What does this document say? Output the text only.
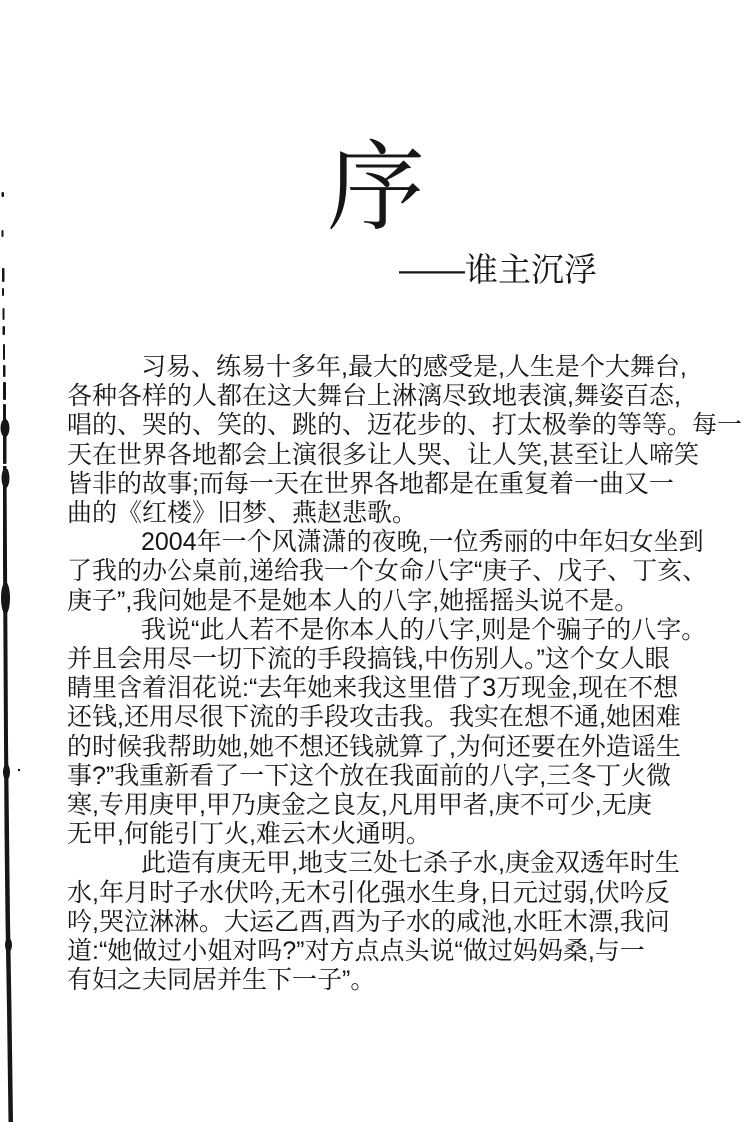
序
——谁主沉浮
习易、练易十多年,最大的感受是,人生是个大舞台,
各种各样的人都在这大舞台上淋漓尽致地表演,舞姿百态,
唱的、哭的、笑的、跳的、迈花步的、打太极拳的等等。每一
天在世界各地都会上演很多让人哭、让人笑,甚至让人啼笑
皆非的故事;而每一天在世界各地都是在重复着一曲又一
曲的《红楼》旧梦、燕赵悲歌。
2004年一个风潇潇的夜晚,一位秀丽的中年妇女坐到
了我的办公桌前,递给我一个女命八字“庚子、戊子、丁亥、
庚子”,我问她是不是她本人的八字,她摇摇头说不是。
我说“此人若不是你本人的八字,则是个骗子的八字。
并且会用尽一切下流的手段搞钱,中伤别人。”这个女人眼
睛里含着泪花说:“去年她来我这里借了3万现金,现在不想
还钱,还用尽很下流的手段攻击我。我实在想不通,她困难
的时候我帮助她,她不想还钱就算了,为何还要在外造谣生
事?”我重新看了一下这个放在我面前的八字,三冬丁火微
寒,专用庚甲,甲乃庚金之良友,凡用甲者,庚不可少,无庚
无甲,何能引丁火,难云木火通明。
此造有庚无甲,地支三处七杀子水,庚金双透年时生
水,年月时子水伏吟,无木引化强水生身,日元过弱,伏吟反
吟,哭泣淋淋。大运乙酉,酉为子水的咸池,水旺木漂,我问
道:“她做过小姐对吗?”对方点点头说“做过妈妈桑,与一
有妇之夫同居并生下一子”。
